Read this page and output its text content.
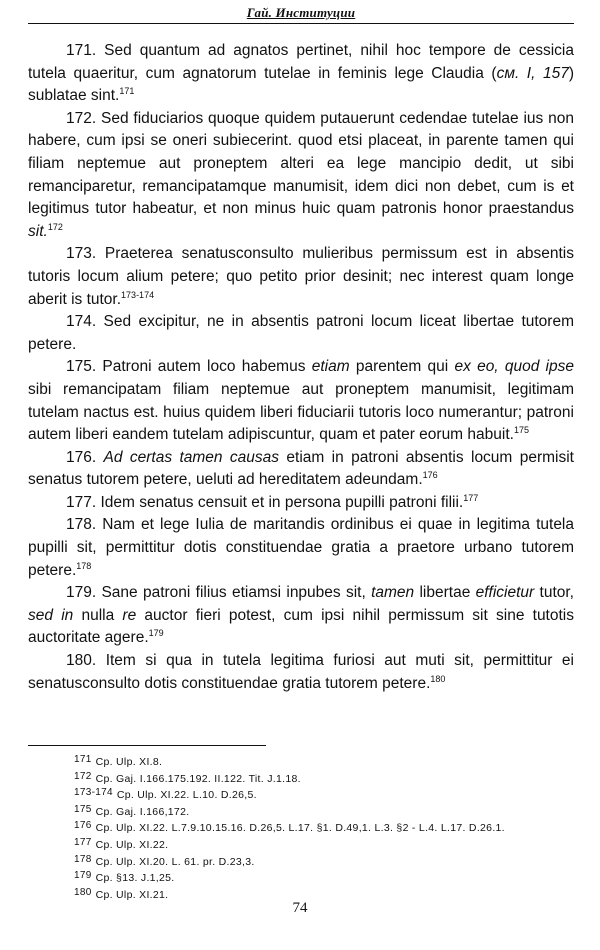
Гай. Институции

171. Sed quantum ad agnatos pertinet, nihil hoc tempore de cessicia tutela quaeritur, cum agnatorum tutelae in feminis lege Claudia (см. I, 157) sublatae sint.$^{171}$

172. Sed fiduciarios quoque quidem putauerunt cedendae tutelae ius non habere, cum ipsi se oneri subiecerint. quod etsi placeat, in parente tamen qui filiam neptemue aut proneptem alteri ea lege mancipio dedit, ut sibi remanciparetur, remancipatamque manumisit, idem dici non debet, cum is et legitimus tutor habeatur, et non minus huic quam patronis honor praestandus sit.$^{172}$

173. Praeterea senatusconsulto mulieribus permissum est in absentis tutoris locum alium petere; quo petito prior desinit; nec interest quam longe aberit is tutor.$^{173-174}$

174. Sed excipitur, ne in absentis patroni locum liceat libertae tutorem petere.

175. Patroni autem loco habemus etiam parentem qui ex eo, quod ipse sibi remancipatam filiam neptemue aut proneptem manumisit, legitimam tutelam nactus est. huius quidem liberi fiduciarii tutoris loco numerantur; patroni autem liberi eandem tutelam adipiscuntur, quam et pater eorum habuit.$^{175}$

176. Ad certas tamen causas etiam in patroni absentis locum permisit senatus tutorem petere, ueluti ad hereditatem adeundam.$^{176}$

177. Idem senatus censuit et in persona pupilli patroni filii.$^{177}$

178. Nam et lege Iulia de maritandis ordinibus ei quae in legitima tutela pupilli sit, permittitur dotis constituendae gratia a praetore urbano tutorem petere.$^{178}$

179. Sane patroni filius etiamsi inpubes sit, tamen libertae efficietur tutor, sed in nulla re auctor fieri potest, cum ipsi nihil permissum sit sine tutotis auctoritate agere.$^{179}$

180. Item si qua in tutela legitima furiosi aut muti sit, permittitur ei senatusconsulto dotis constituendae gratia tutorem petere.$^{180}$

171 Ср. Ulp. XI.8.
172 Ср. Gaj. I.166.175.192. II.122. Tit. J.1.18.
173-174 Ср. Ulp. XI.22. L.10. D.26,5.
175 Ср. Gaj. I.166,172.
176 Ср. Ulp. XI.22. L.7.9.10.15.16. D.26,5. L.17. §1. D.49,1. L.3. §2 - L.4. L.17. D.26.1.
177 Ср. Ulp. XI.22.
178 Ср. Ulp. XI.20. L. 61. pr. D.23,3.
179 Ср. §13. J.1,25.
180 Ср. Ulp. XI.21.
74
